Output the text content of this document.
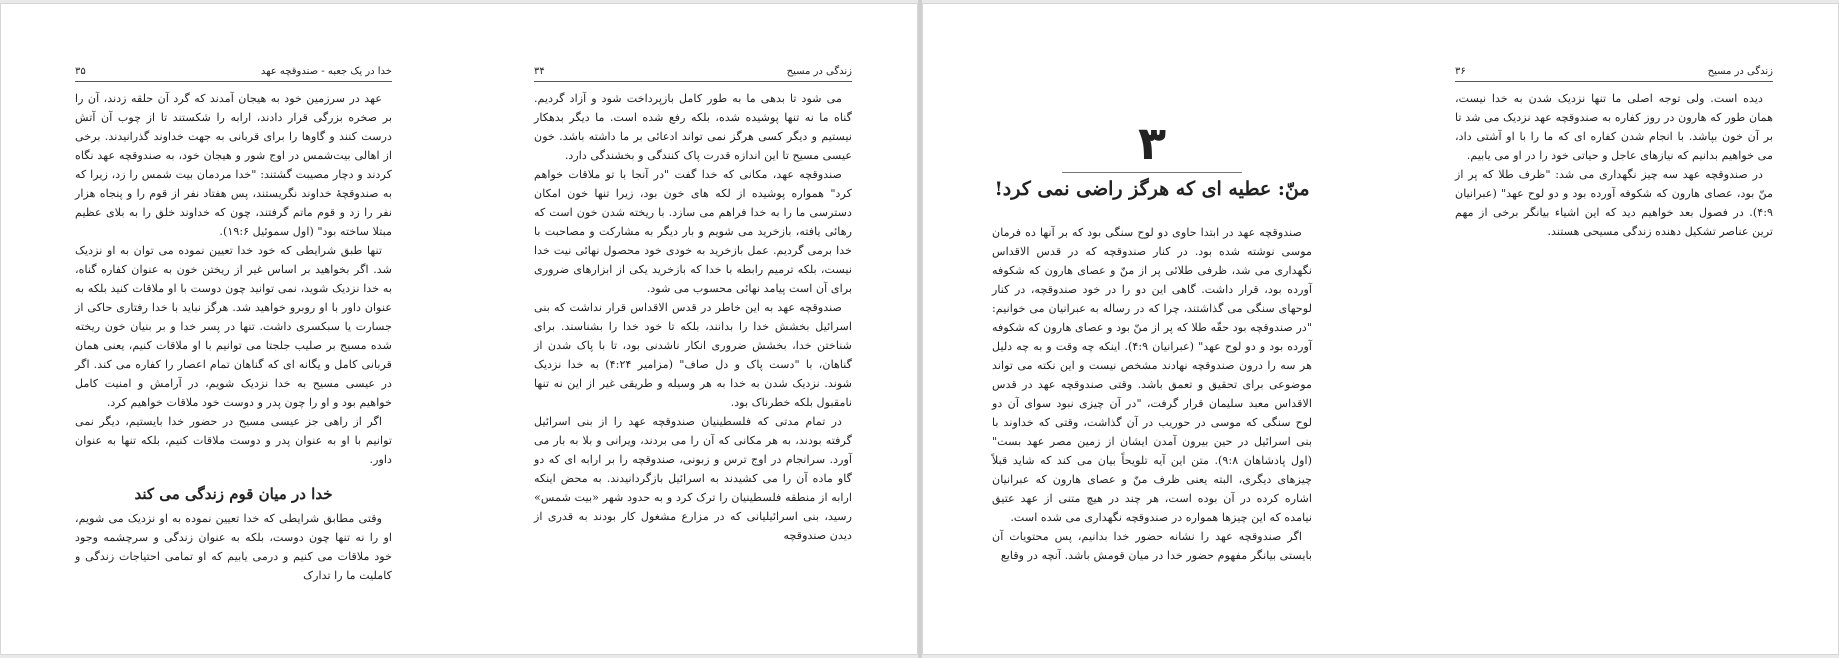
خدا در یک جعبه - صندوقچه عهد
۳۵

عهد در سرزمین خود به هیجان آمدند که گرد آن حلقه زدند، آن را بر صخره بزرگی قرار دادند، ارابه را شکستند تا از چوب آن آتش درست کنند و گاوها را برای قربانی به جهت خداوند گذرانیدند. برخی از اهالی بیت‌شمس در اوج شور و هیجان خود، به صندوقچه عهد نگاه کردند و دچار مصیبت گشتند: "خدا مردمان بیت شمس را زد، زیرا که به صندوقچهٔ خداوند نگریستند، پس هفتاد نفر از قوم را و پنجاه هزار نفر را زد و قوم ماتم گرفتند، چون که خداوند خلق را به بلای عظیم مبتلا ساخته بود" (اول سموئیل ۱۹:۶).

تنها طبق شرایطی که خود خدا تعیین نموده می توان به او نزدیک شد. اگر بخواهید بر اساس غیر از ریختن خون به عنوان کفاره گناه، به خدا نزدیک شوید، نمی توانید چون دوست با او ملاقات کنید بلکه به عنوان داور با او روبرو خواهید شد. هرگز نباید با خدا رفتاری حاکی از جسارت یا سبکسری داشت. تنها در پسر خدا و بر بنیان خون ریخته شده مسیح بر صلیب جلجتا می توانیم با او ملاقات کنیم، یعنی همان قربانی کامل و یگانه ای که گناهان تمام اعصار را کفاره می کند. اگر در عیسی مسیح به خدا نزدیک شویم، در آرامش و امنیت کامل خواهیم بود و او را چون پدر و دوست خود ملاقات خواهیم کرد.

اگر از راهی جز عیسی مسیح در حضور خدا بایستیم، دیگر نمی توانیم با او به عنوان پدر و دوست ملاقات کنیم، بلکه تنها به عنوان داور.

خدا در میان قوم زندگی می کند

وقتی مطابق شرایطی که خدا تعیین نموده به او نزدیک می شویم، او را نه تنها چون دوست، بلکه به عنوان زندگی و سرچشمه وجود خود ملاقات می کنیم و درمی یابیم که او تمامی احتیاجات زندگی و کاملیت ما را تدارک

زندگی در مسیح
۳۴

می شود تا بدهی ما به طور کامل بازپرداخت شود و آزاد گردیم. گناه ما نه تنها پوشیده شده، بلکه رفع شده است. ما دیگر بدهکار نیستیم و دیگر کسی هرگز نمی تواند ادعائی بر ما داشته باشد. خون عیسی مسیح تا این اندازه قدرت پاک کنندگی و بخشندگی دارد.

صندوقچه عهد، مکانی که خدا گفت "در آنجا با تو ملاقات خواهم کرد" همواره پوشیده از لکه های خون بود، زیرا تنها خون امکان دسترسی ما را به خدا فراهم می سازد. با ریخته شدن خون است که رهائی یافته، بازخرید می شویم و بار دیگر به مشارکت و مصاحبت با خدا برمی گردیم. عمل بازخرید به خودی خود محصول نهائی نیت خدا نیست، بلکه ترمیم رابطه با خدا که بازخرید یکی از ابزارهای ضروری برای آن است پیامد نهائی محسوب می شود.

صندوقچه عهد به این خاطر در قدس الاقداس قرار نداشت که بنی اسرائیل بخشش خدا را بدانند، بلکه تا خود خدا را بشناسند. برای شناختن خدا، بخشش ضروری انکار ناشدنی بود، تا با پاک شدن از گناهان، با "دست پاک و دل صاف" (مزامیر ۴:۲۴) به خدا نزدیک شوند. نزدیک شدن به خدا به هر وسیله و طریقی غیر از این نه تنها نامقبول بلکه خطرناک بود.

در تمام مدتی که فلسطینیان صندوقچه عهد را از بنی اسرائیل گرفته بودند، به هر مکانی که آن را می بردند، ویرانی و بلا به بار می آورد. سرانجام در اوج ترس و زبونی، صندوقچه را بر ارابه ای که دو گاو ماده آن را می کشیدند به اسرائیل بازگردانیدند. به محض اینکه ارابه از منطقه فلسطینیان را ترک کرد و به حدود شهر «بیت شمس» رسید، بنی اسرائیلیانی که در مزارع مشغول کار بودند به قدری از دیدن صندوقچه

۳
منّ: عطیه ای که هرگز راضی نمی کرد!

صندوقچه عهد در ابتدا حاوی دو لوح سنگی بود که بر آنها ده فرمان موسی نوشته شده بود. در کنار صندوقچه که در قدس الاقداس نگهداری می شد، ظرفی طلائی پر از منّ و عصای هارون که شکوفه آورده بود، قرار داشت. گاهی این دو را در خود صندوقچه، در کنار لوحهای سنگی می گذاشتند، چرا که در رساله به عبرانیان می خوانیم: "در صندوقچه بود حقّه طلا که پر از منّ بود و عصای هارون که شکوفه آورده بود و دو لوح عهد" (عبرانیان ۴:۹). اینکه چه وقت و به چه دلیل هر سه را درون صندوقچه نهادند مشخص نیست و این نکته می تواند موضوعی برای تحقیق و تعمق باشد. وقتی صندوقچه عهد در قدس الاقداس معبد سلیمان قرار گرفت، "در آن چیزی نبود سوای آن دو لوح سنگی که موسی در حوریب در آن گذاشت، وقتی که خداوند با بنی اسرائیل در حین بیرون آمدن ایشان از زمین مصر عهد بست" (اول پادشاهان ۹:۸). متن این آیه تلویحاً بیان می کند که شاید قبلاً چیزهای دیگری، البته یعنی ظرف منّ و عصای هارون که عبرانیان اشاره کرده در آن بوده است، هر چند در هیچ متنی از عهد عتیق نیامده که این چیزها همواره در صندوقچه نگهداری می شده است.

اگر صندوقچه عهد را نشانه حضور خدا بدانیم، پس محتویات آن بایستی بیانگر مفهوم حضور خدا در میان قومش باشد. آنچه در وقایع

زندگی در مسیح
۳۶

دیده است. ولی توجه اصلی ما تنها نزدیک شدن به خدا نیست، همان طور که هارون در روز کفاره به صندوقچه عهد نزدیک می شد تا بر آن خون بپاشد. با انجام شدن کفاره ای که ما را با او آشتی داد، می خواهیم بدانیم که نیازهای عاجل و حیاتی خود را در او می یابیم.

در صندوقچه عهد سه چیز نگهداری می شد: "ظرف طلا که پر از منّ بود، عصای هارون که شکوفه آورده بود و دو لوح عهد" (عبرانیان ۴:۹). در فصول بعد خواهیم دید که این اشیاء بیانگر برخی از مهم ترین عناصر تشکیل دهنده زندگی مسیحی هستند.
